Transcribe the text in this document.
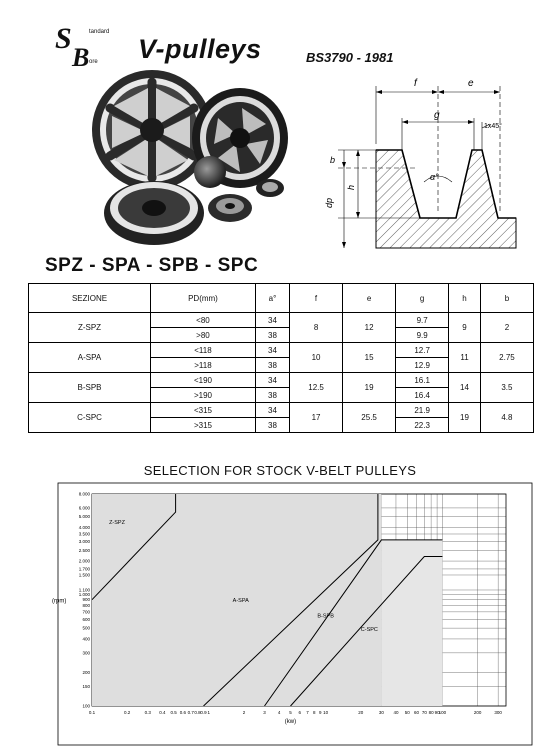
S
B
tandard
ore V-pulleys	BS3790 - 1981
f	e
g
1x45°
b
α°
dp
h
SPZ - SPA - SPB - SPC
SEZIONE	PD(mm)	a°	f	e	g	h	b
Z-SPZ	<80	34	8	12	9.7	9	2
	>80	38			9.9		
A-SPA	<118	34	10	15	12.7	11	2.75
	>118	38			12.9		
B-SPB	<190	34	12.5	19	16.1	14	3.5
	>190	38			16.4		
C-SPC	<315	34	17	25.5	21.9	19	4.8
	>315	38			22.3		
SELECTION FOR STOCK V-BELT PULLEYS
Z-SPZ
A-SPA
B-SPB
C-SPC
0.1	0.2	0.3 0.4 0.5 0.6 0.7 0.8 0.9 1	2	3	4 5 6 7 8 9 10	20	30 40 50 60 70 80 90 100	200	300
100
150
200
300
400
500
600
700
800
900
1.000
1.100
1.500
1.700
2.000
2.500
3.000
3.500
4.000
5.000
6.000
8.000
(rpm)
(kw)
